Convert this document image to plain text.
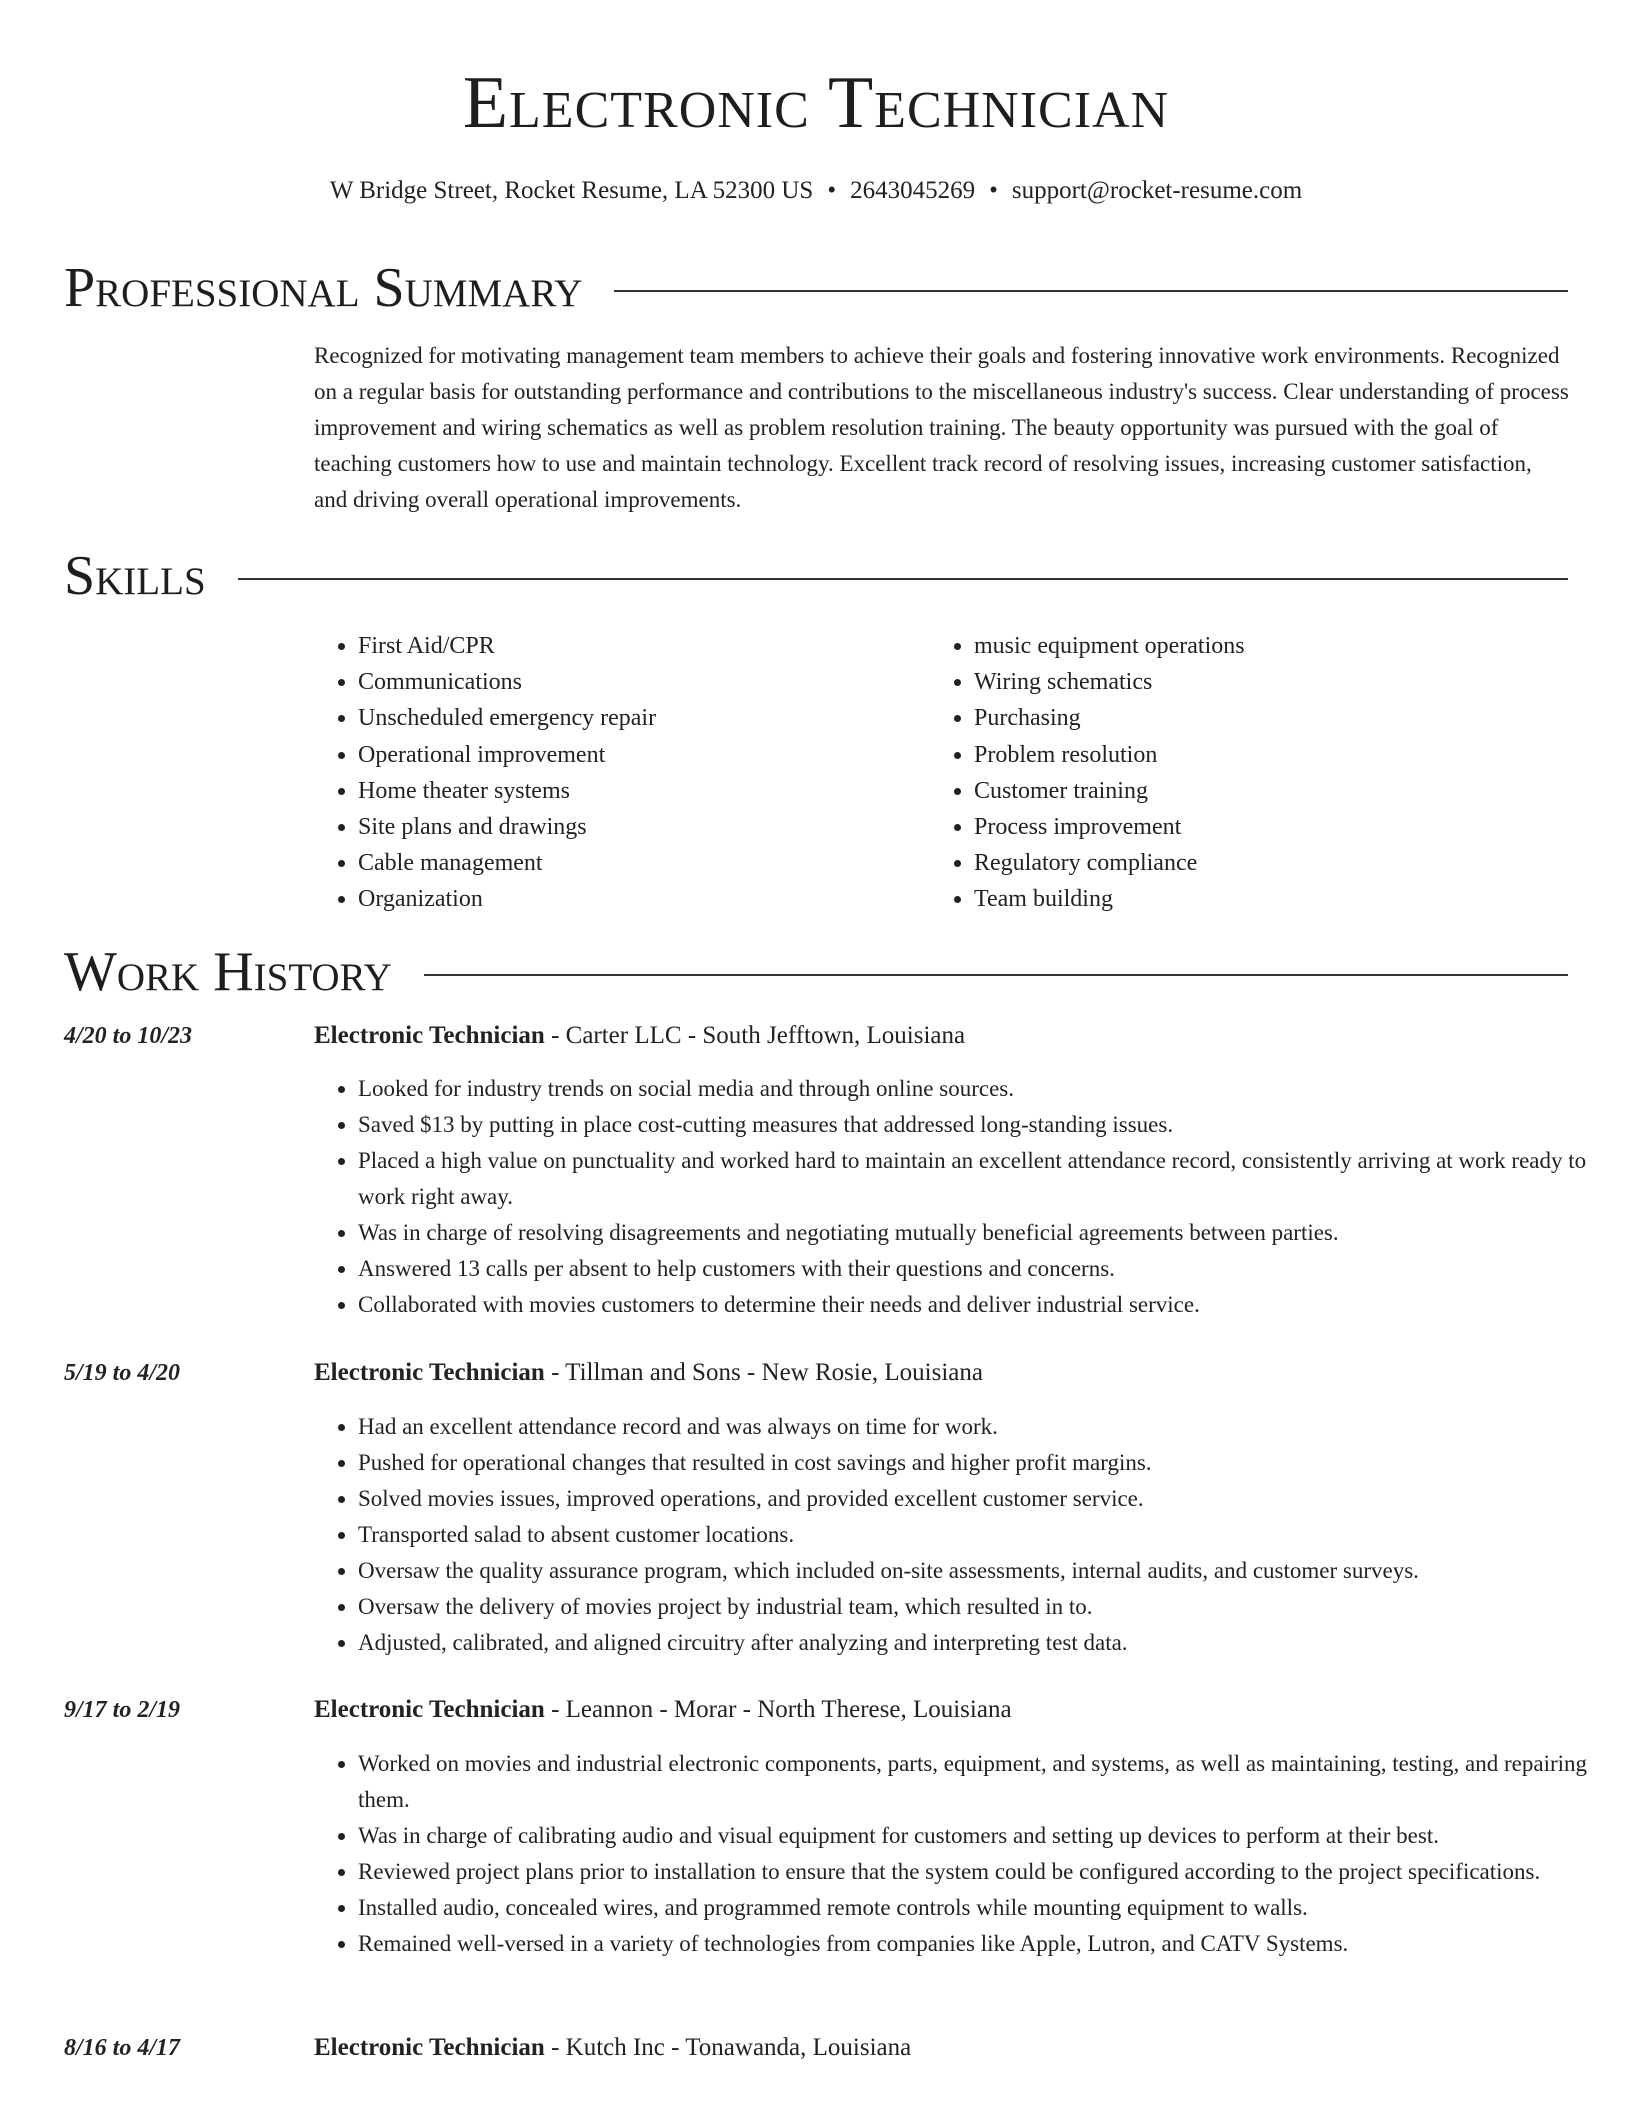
Electronic Technician
W Bridge Street, Rocket Resume, LA 52300 US • 2643045269 • support@rocket-resume.com
Professional Summary

Recognized for motivating management team members to achieve their goals and fostering innovative work environments. Recognized on a regular basis for outstanding performance and contributions to the miscellaneous industry's success. Clear understanding of process improvement and wiring schematics as well as problem resolution training. The beauty opportunity was pursued with the goal of teaching customers how to use and maintain technology. Excellent track record of resolving issues, increasing customer satisfaction, and driving overall operational improvements.

Skills
• First Aid/CPR
• Communications
• Unscheduled emergency repair
• Operational improvement
• Home theater systems
• Site plans and drawings
• Cable management
• Organization
• music equipment operations
• Wiring schematics
• Purchasing
• Problem resolution
• Customer training
• Process improvement
• Regulatory compliance
• Team building
Work History
4/20 to 10/23	Electronic Technician - Carter LLC - South Jefftown, Louisiana
• Looked for industry trends on social media and through online sources.
• Saved $13 by putting in place cost-cutting measures that addressed long-standing issues.
• Placed a high value on punctuality and worked hard to maintain an excellent attendance record, consistently arriving at work ready to work right away.
• Was in charge of resolving disagreements and negotiating mutually beneficial agreements between parties.
• Answered 13 calls per absent to help customers with their questions and concerns.
• Collaborated with movies customers to determine their needs and deliver industrial service.
5/19 to 4/20	Electronic Technician - Tillman and Sons - New Rosie, Louisiana
• Had an excellent attendance record and was always on time for work.
• Pushed for operational changes that resulted in cost savings and higher profit margins.
• Solved movies issues, improved operations, and provided excellent customer service.
• Transported salad to absent customer locations.
• Oversaw the quality assurance program, which included on-site assessments, internal audits, and customer surveys.
• Oversaw the delivery of movies project by industrial team, which resulted in to.
• Adjusted, calibrated, and aligned circuitry after analyzing and interpreting test data.
9/17 to 2/19	Electronic Technician - Leannon - Morar - North Therese, Louisiana
• Worked on movies and industrial electronic components, parts, equipment, and systems, as well as maintaining, testing, and repairing them.
• Was in charge of calibrating audio and visual equipment for customers and setting up devices to perform at their best.
• Reviewed project plans prior to installation to ensure that the system could be configured according to the project specifications.
• Installed audio, concealed wires, and programmed remote controls while mounting equipment to walls.
• Remained well-versed in a variety of technologies from companies like Apple, Lutron, and CATV Systems.
8/16 to 4/17	Electronic Technician - Kutch Inc - Tonawanda, Louisiana
